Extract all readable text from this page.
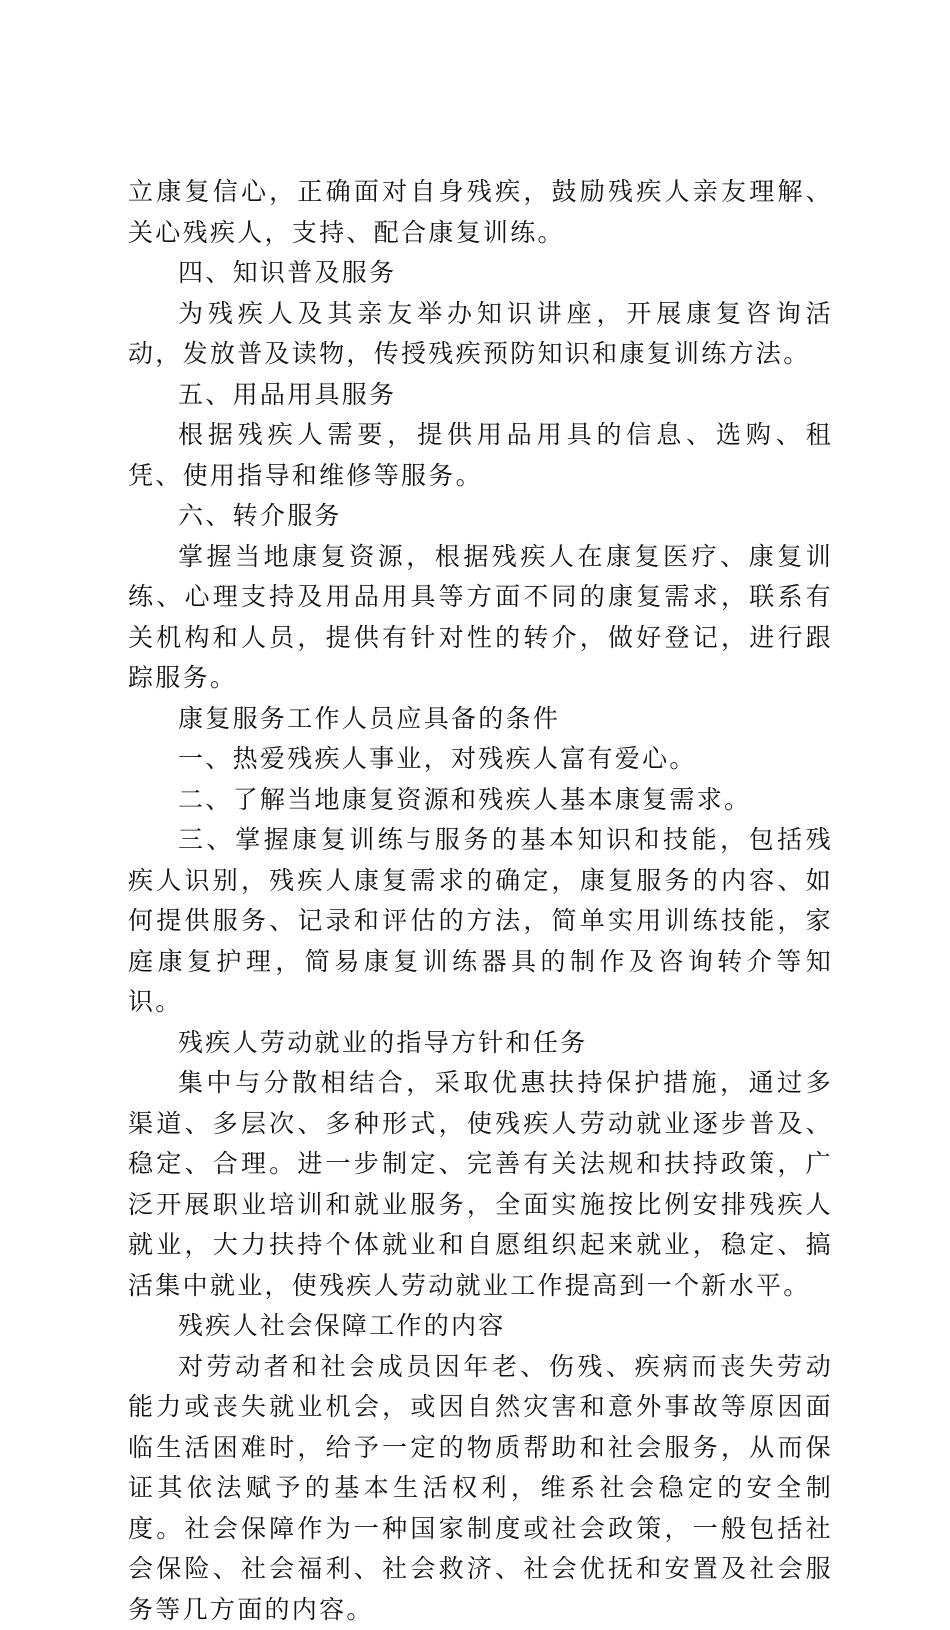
立康复信心，正确面对自身残疾，鼓励残疾人亲友理解、关心残疾人，支持、配合康复训练。

四、知识普及服务

为残疾人及其亲友举办知识讲座，开展康复咨询活动，发放普及读物，传授残疾预防知识和康复训练方法。

五、用品用具服务

根据残疾人需要，提供用品用具的信息、选购、租凭、使用指导和维修等服务。

六、转介服务

掌握当地康复资源，根据残疾人在康复医疗、康复训练、心理支持及用品用具等方面不同的康复需求，联系有关机构和人员，提供有针对性的转介，做好登记，进行跟踪服务。

康复服务工作人员应具备的条件

一、热爱残疾人事业，对残疾人富有爱心。

二、了解当地康复资源和残疾人基本康复需求。

三、掌握康复训练与服务的基本知识和技能，包括残疾人识别，残疾人康复需求的确定，康复服务的内容、如何提供服务、记录和评估的方法，简单实用训练技能，家庭康复护理，简易康复训练器具的制作及咨询转介等知识。

残疾人劳动就业的指导方针和任务

集中与分散相结合，采取优惠扶持保护措施，通过多渠道、多层次、多种形式，使残疾人劳动就业逐步普及、稳定、合理。进一步制定、完善有关法规和扶持政策，广泛开展职业培训和就业服务，全面实施按比例安排残疾人就业，大力扶持个体就业和自愿组织起来就业，稳定、搞活集中就业，使残疾人劳动就业工作提高到一个新水平。

残疾人社会保障工作的内容

对劳动者和社会成员因年老、伤残、疾病而丧失劳动能力或丧失就业机会，或因自然灾害和意外事故等原因面临生活困难时，给予一定的物质帮助和社会服务，从而保证其依法赋予的基本生活权利，维系社会稳定的安全制度。社会保障作为一种国家制度或社会政策，一般包括社会保险、社会福利、社会救济、社会优抚和安置及社会服务等几方面的内容。
